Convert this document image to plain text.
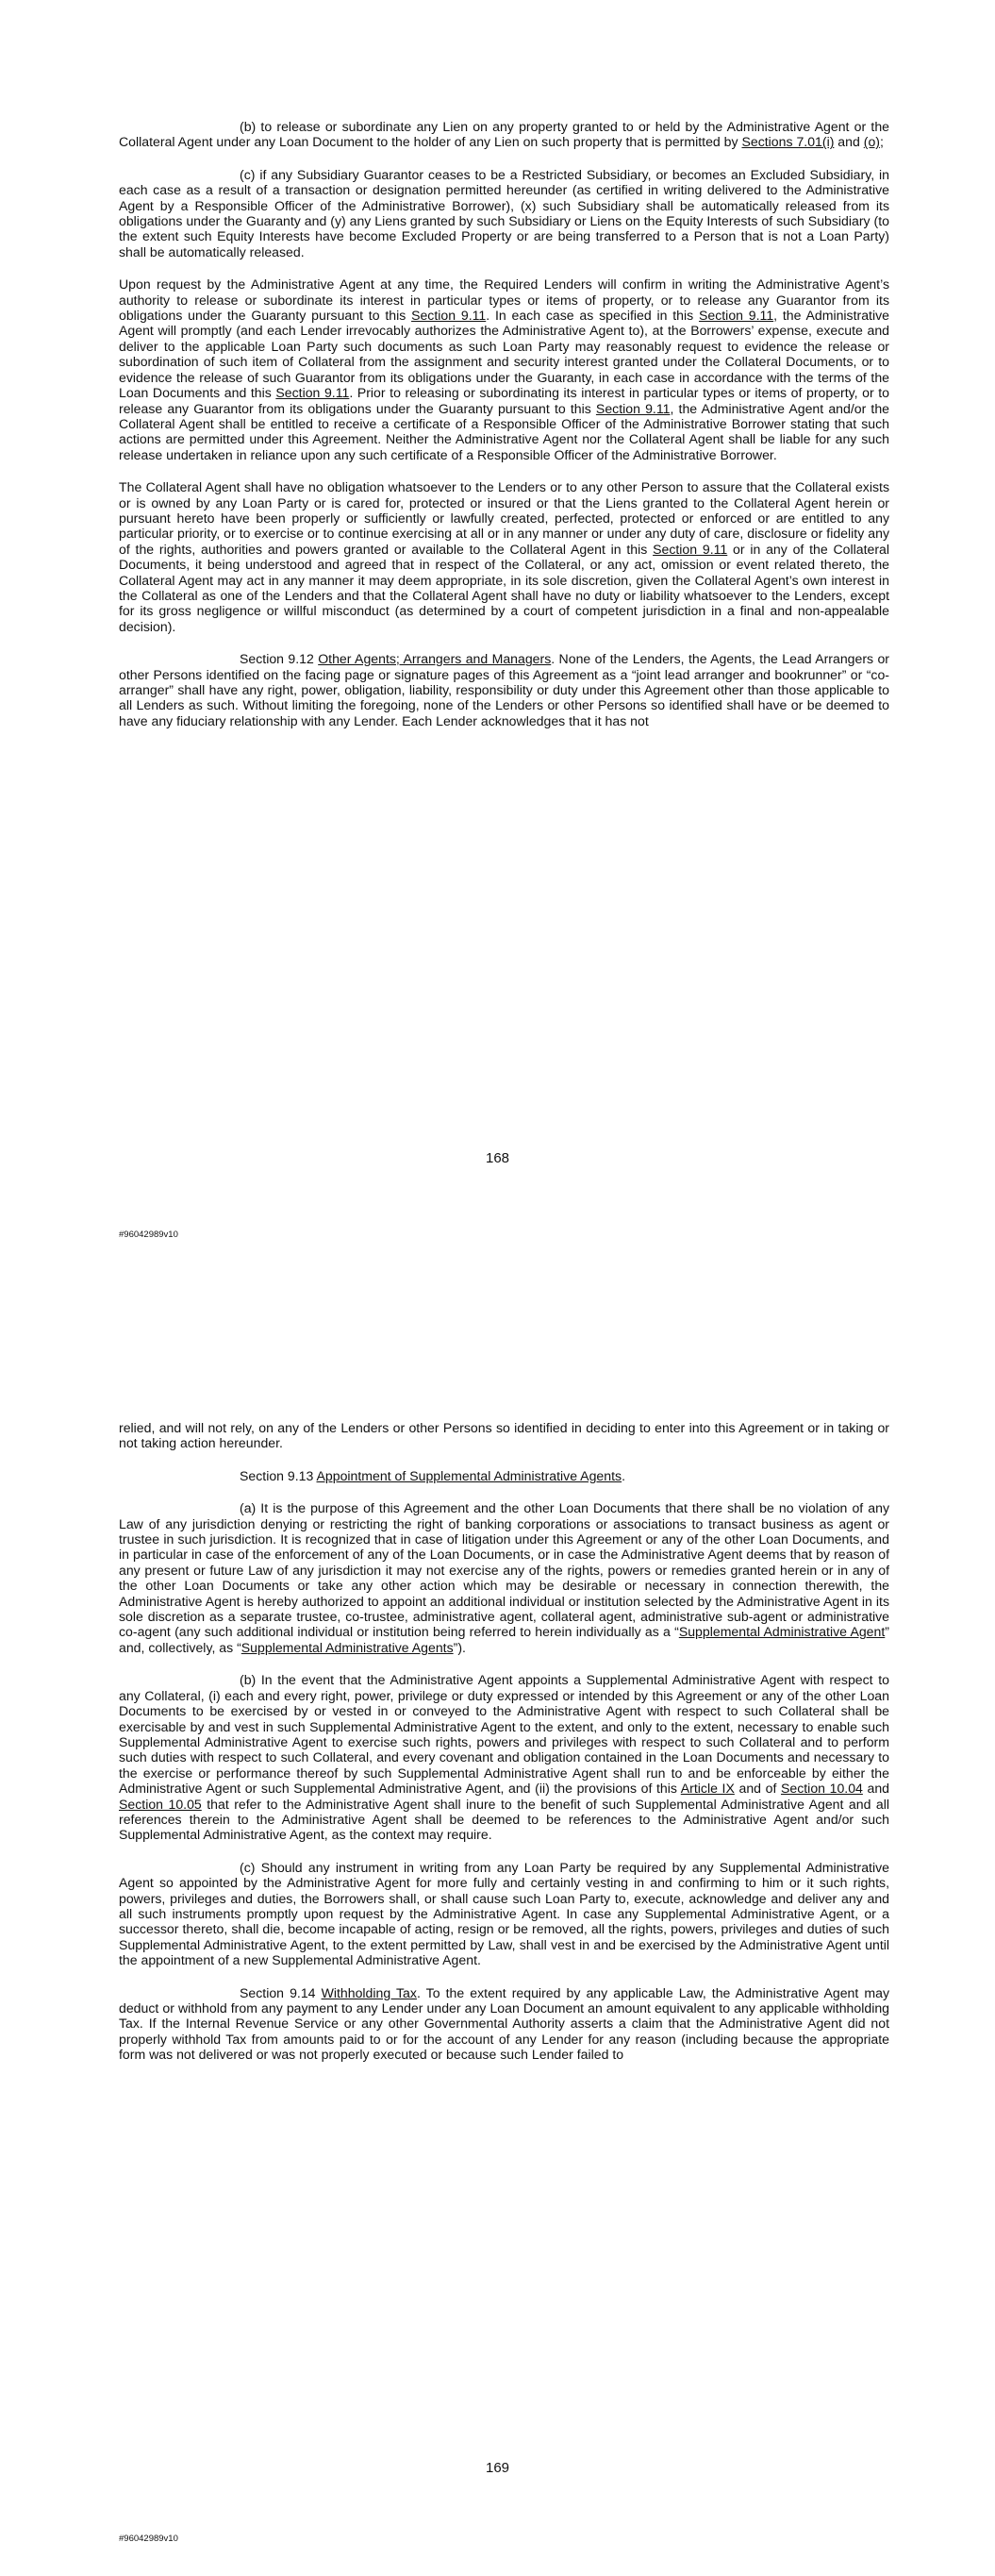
(b) to release or subordinate any Lien on any property granted to or held by the Administrative Agent or the Collateral Agent under any Loan Document to the holder of any Lien on such property that is permitted by Sections 7.01(i) and (o);

(c) if any Subsidiary Guarantor ceases to be a Restricted Subsidiary, or becomes an Excluded Subsidiary, in each case as a result of a transaction or designation permitted hereunder (as certified in writing delivered to the Administrative Agent by a Responsible Officer of the Administrative Borrower), (x) such Subsidiary shall be automatically released from its obligations under the Guaranty and (y) any Liens granted by such Subsidiary or Liens on the Equity Interests of such Subsidiary (to the extent such Equity Interests have become Excluded Property or are being transferred to a Person that is not a Loan Party) shall be automatically released.

Upon request by the Administrative Agent at any time, the Required Lenders will confirm in writing the Administrative Agent’s authority to release or subordinate its interest in particular types or items of property, or to release any Guarantor from its obligations under the Guaranty pursuant to this Section 9.11. In each case as specified in this Section 9.11, the Administrative Agent will promptly (and each Lender irrevocably authorizes the Administrative Agent to), at the Borrowers’ expense, execute and deliver to the applicable Loan Party such documents as such Loan Party may reasonably request to evidence the release or subordination of such item of Collateral from the assignment and security interest granted under the Collateral Documents, or to evidence the release of such Guarantor from its obligations under the Guaranty, in each case in accordance with the terms of the Loan Documents and this Section 9.11. Prior to releasing or subordinating its interest in particular types or items of property, or to release any Guarantor from its obligations under the Guaranty pursuant to this Section 9.11, the Administrative Agent and/or the Collateral Agent shall be entitled to receive a certificate of a Responsible Officer of the Administrative Borrower stating that such actions are permitted under this Agreement. Neither the Administrative Agent nor the Collateral Agent shall be liable for any such release undertaken in reliance upon any such certificate of a Responsible Officer of the Administrative Borrower.

The Collateral Agent shall have no obligation whatsoever to the Lenders or to any other Person to assure that the Collateral exists or is owned by any Loan Party or is cared for, protected or insured or that the Liens granted to the Collateral Agent herein or pursuant hereto have been properly or sufficiently or lawfully created, perfected, protected or enforced or are entitled to any particular priority, or to exercise or to continue exercising at all or in any manner or under any duty of care, disclosure or fidelity any of the rights, authorities and powers granted or available to the Collateral Agent in this Section 9.11 or in any of the Collateral Documents, it being understood and agreed that in respect of the Collateral, or any act, omission or event related thereto, the Collateral Agent may act in any manner it may deem appropriate, in its sole discretion, given the Collateral Agent’s own interest in the Collateral as one of the Lenders and that the Collateral Agent shall have no duty or liability whatsoever to the Lenders, except for its gross negligence or willful misconduct (as determined by a court of competent jurisdiction in a final and non-appealable decision).

Section 9.12 Other Agents; Arrangers and Managers. None of the Lenders, the Agents, the Lead Arrangers or other Persons identified on the facing page or signature pages of this Agreement as a “joint lead arranger and bookrunner” or “co-arranger” shall have any right, power, obligation, liability, responsibility or duty under this Agreement other than those applicable to all Lenders as such. Without limiting the foregoing, none of the Lenders or other Persons so identified shall have or be deemed to have any fiduciary relationship with any Lender. Each Lender acknowledges that it has not

168
#96042989v10

relied, and will not rely, on any of the Lenders or other Persons so identified in deciding to enter into this Agreement or in taking or not taking action hereunder.

Section 9.13 Appointment of Supplemental Administrative Agents.

(a) It is the purpose of this Agreement and the other Loan Documents that there shall be no violation of any Law of any jurisdiction denying or restricting the right of banking corporations or associations to transact business as agent or trustee in such jurisdiction. It is recognized that in case of litigation under this Agreement or any of the other Loan Documents, and in particular in case of the enforcement of any of the Loan Documents, or in case the Administrative Agent deems that by reason of any present or future Law of any jurisdiction it may not exercise any of the rights, powers or remedies granted herein or in any of the other Loan Documents or take any other action which may be desirable or necessary in connection therewith, the Administrative Agent is hereby authorized to appoint an additional individual or institution selected by the Administrative Agent in its sole discretion as a separate trustee, co-trustee, administrative agent, collateral agent, administrative sub-agent or administrative co-agent (any such additional individual or institution being referred to herein individually as a “Supplemental Administrative Agent” and, collectively, as “Supplemental Administrative Agents”).

(b) In the event that the Administrative Agent appoints a Supplemental Administrative Agent with respect to any Collateral, (i) each and every right, power, privilege or duty expressed or intended by this Agreement or any of the other Loan Documents to be exercised by or vested in or conveyed to the Administrative Agent with respect to such Collateral shall be exercisable by and vest in such Supplemental Administrative Agent to the extent, and only to the extent, necessary to enable such Supplemental Administrative Agent to exercise such rights, powers and privileges with respect to such Collateral and to perform such duties with respect to such Collateral, and every covenant and obligation contained in the Loan Documents and necessary to the exercise or performance thereof by such Supplemental Administrative Agent shall run to and be enforceable by either the Administrative Agent or such Supplemental Administrative Agent, and (ii) the provisions of this Article IX and of Section 10.04 and Section 10.05 that refer to the Administrative Agent shall inure to the benefit of such Supplemental Administrative Agent and all references therein to the Administrative Agent shall be deemed to be references to the Administrative Agent and/or such Supplemental Administrative Agent, as the context may require.

(c) Should any instrument in writing from any Loan Party be required by any Supplemental Administrative Agent so appointed by the Administrative Agent for more fully and certainly vesting in and confirming to him or it such rights, powers, privileges and duties, the Borrowers shall, or shall cause such Loan Party to, execute, acknowledge and deliver any and all such instruments promptly upon request by the Administrative Agent. In case any Supplemental Administrative Agent, or a successor thereto, shall die, become incapable of acting, resign or be removed, all the rights, powers, privileges and duties of such Supplemental Administrative Agent, to the extent permitted by Law, shall vest in and be exercised by the Administrative Agent until the appointment of a new Supplemental Administrative Agent.

Section 9.14 Withholding Tax. To the extent required by any applicable Law, the Administrative Agent may deduct or withhold from any payment to any Lender under any Loan Document an amount equivalent to any applicable withholding Tax. If the Internal Revenue Service or any other Governmental Authority asserts a claim that the Administrative Agent did not properly withhold Tax from amounts paid to or for the account of any Lender for any reason (including because the appropriate form was not delivered or was not properly executed or because such Lender failed to

169
#96042989v10
